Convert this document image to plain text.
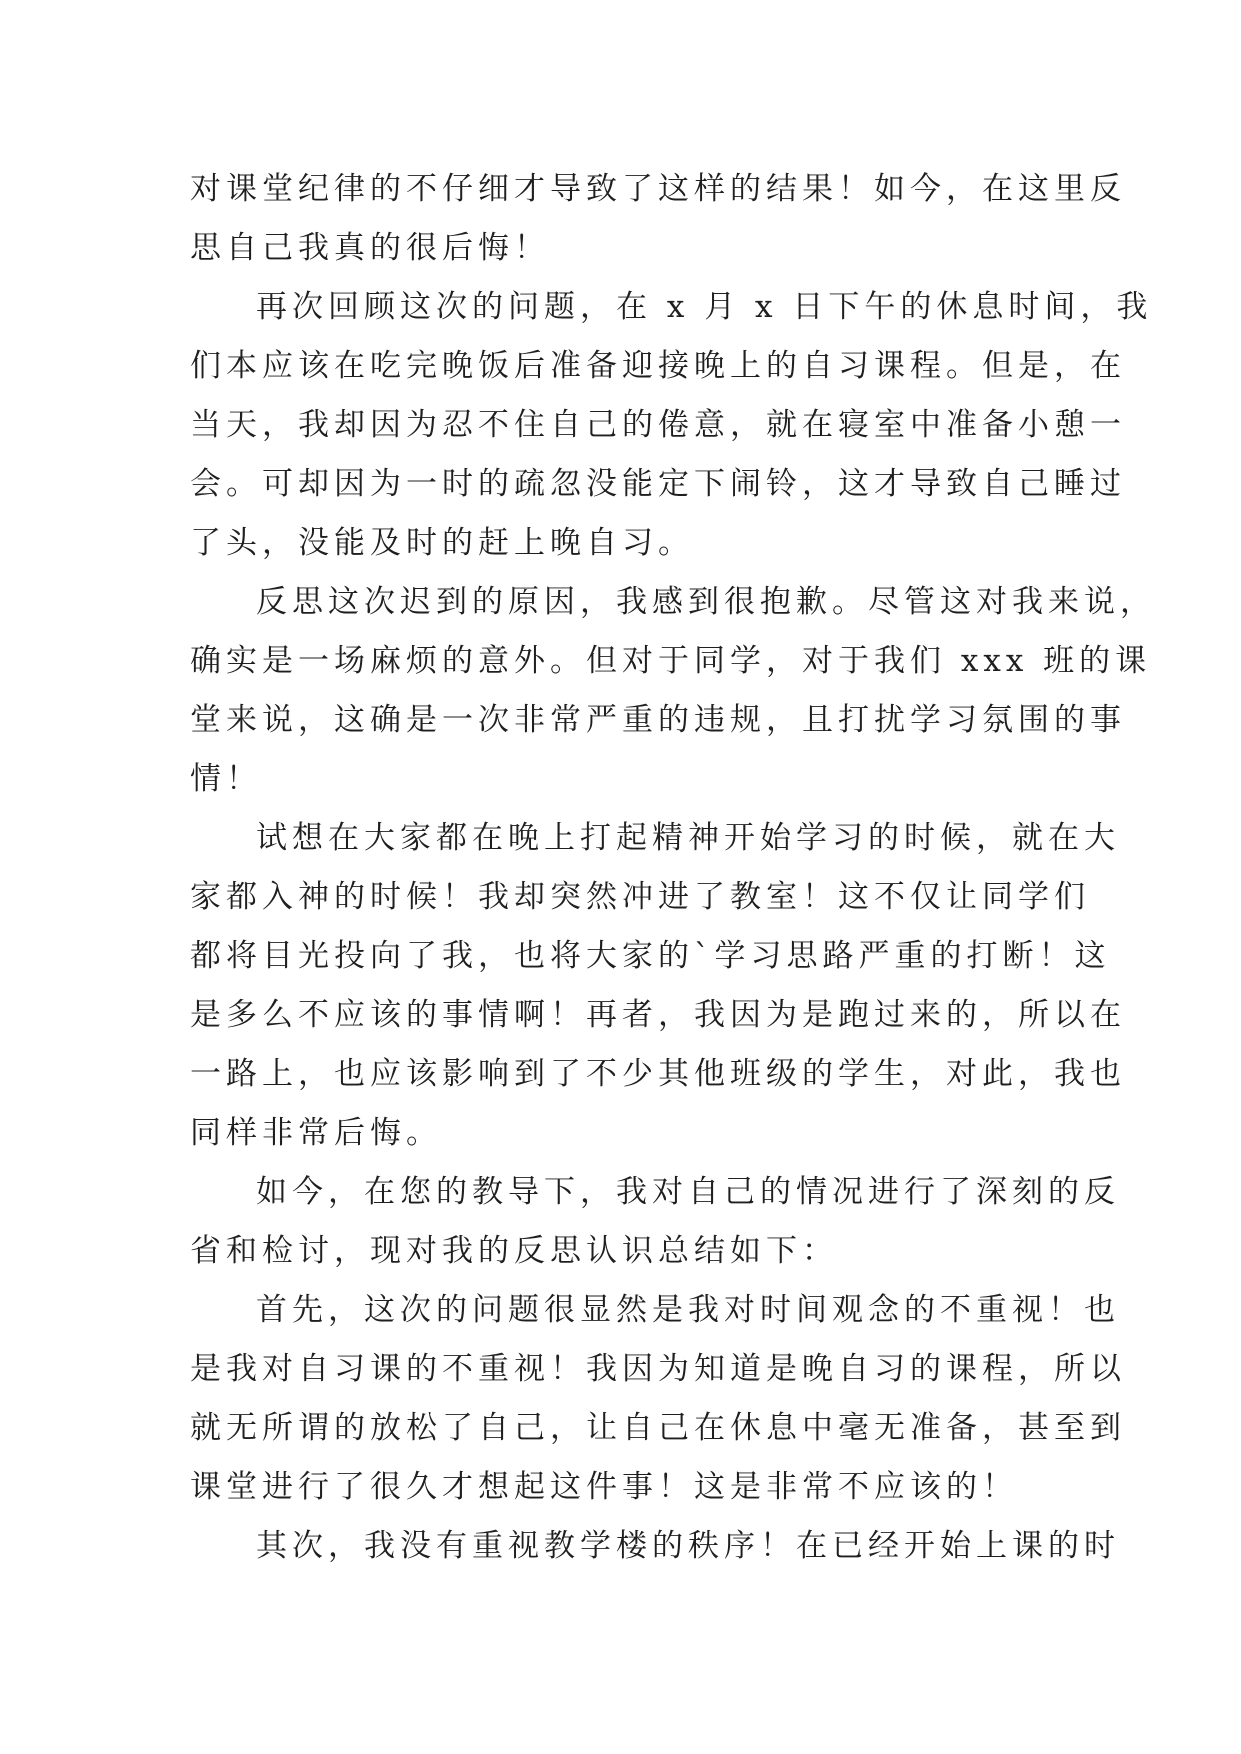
对课堂纪律的不仔细才导致了这样的结果！如今，在这里反
思自己我真的很后悔！
再次回顾这次的问题，在 x 月 x 日下午的休息时间，我
们本应该在吃完晚饭后准备迎接晚上的自习课程。但是，在
当天，我却因为忍不住自己的倦意，就在寝室中准备小憩一
会。可却因为一时的疏忽没能定下闹铃，这才导致自己睡过
了头，没能及时的赶上晚自习。
反思这次迟到的原因，我感到很抱歉。尽管这对我来说，
确实是一场麻烦的意外。但对于同学，对于我们 xxx 班的课
堂来说，这确是一次非常严重的违规，且打扰学习氛围的事
情！
试想在大家都在晚上打起精神开始学习的时候，就在大
家都入神的时候！我却突然冲进了教室！这不仅让同学们
都将目光投向了我，也将大家的`学习思路严重的打断！这
是多么不应该的事情啊！再者，我因为是跑过来的，所以在
一路上，也应该影响到了不少其他班级的学生，对此，我也
同样非常后悔。
如今，在您的教导下，我对自己的情况进行了深刻的反
省和检讨，现对我的反思认识总结如下：
首先，这次的问题很显然是我对时间观念的不重视！也
是我对自习课的不重视！我因为知道是晚自习的课程，所以
就无所谓的放松了自己，让自己在休息中毫无准备，甚至到
课堂进行了很久才想起这件事！这是非常不应该的！
其次，我没有重视教学楼的秩序！在已经开始上课的时
